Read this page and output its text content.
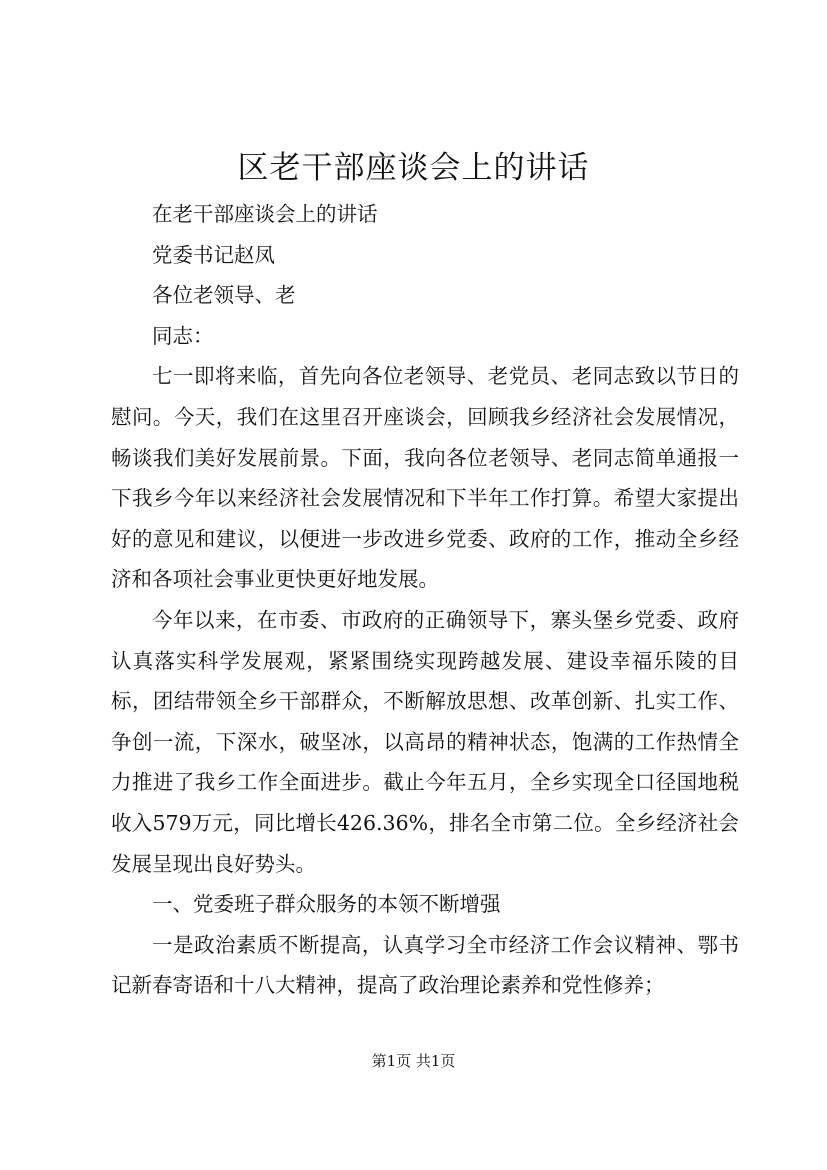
区老干部座谈会上的讲话

在老干部座谈会上的讲话

党委书记赵凤

各位老领导、老

同志：

七一即将来临，首先向各位老领导、老党员、老同志致以节日的慰问。今天，我们在这里召开座谈会，回顾我乡经济社会发展情况，畅谈我们美好发展前景。下面，我向各位老领导、老同志简单通报一下我乡今年以来经济社会发展情况和下半年工作打算。希望大家提出好的意见和建议，以便进一步改进乡党委、政府的工作，推动全乡经济和各项社会事业更快更好地发展。

今年以来，在市委、市政府的正确领导下，寨头堡乡党委、政府认真落实科学发展观，紧紧围绕实现跨越发展、建设幸福乐陵的目标，团结带领全乡干部群众，不断解放思想、改革创新、扎实工作、争创一流，下深水，破坚冰，以高昂的精神状态，饱满的工作热情全力推进了我乡工作全面进步。截止今年五月，全乡实现全口径国地税收入579万元，同比增长426.36%，排名全市第二位。全乡经济社会发展呈现出良好势头。

一、党委班子群众服务的本领不断增强

一是政治素质不断提高，认真学习全市经济工作会议精神、鄂书记新春寄语和十八大精神，提高了政治理论素养和党性修养；

第1页 共1页
